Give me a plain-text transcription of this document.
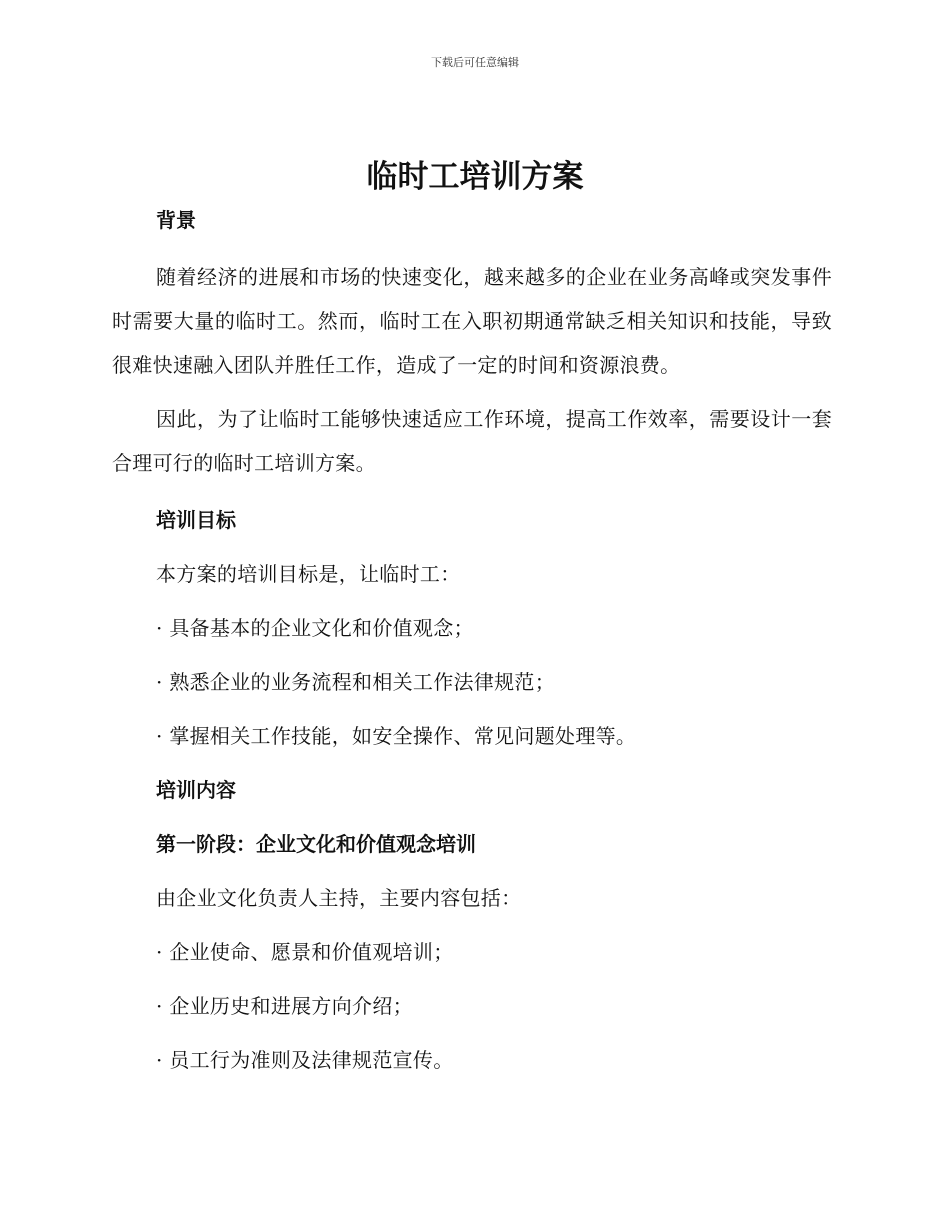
下载后可任意编辑
临时工培训方案
背景

随着经济的进展和市场的快速变化，越来越多的企业在业务高峰或突发事件时需要大量的临时工。然而，临时工在入职初期通常缺乏相关知识和技能，导致很难快速融入团队并胜任工作，造成了一定的时间和资源浪费。

因此，为了让临时工能够快速适应工作环境，提高工作效率，需要设计一套合理可行的临时工培训方案。

培训目标

本方案的培训目标是，让临时工：

· 具备基本的企业文化和价值观念；

· 熟悉企业的业务流程和相关工作法律规范；

· 掌握相关工作技能，如安全操作、常见问题处理等。

培训内容
第一阶段：企业文化和价值观念培训

由企业文化负责人主持，主要内容包括：

· 企业使命、愿景和价值观培训；

· 企业历史和进展方向介绍；

· 员工行为准则及法律规范宣传。
